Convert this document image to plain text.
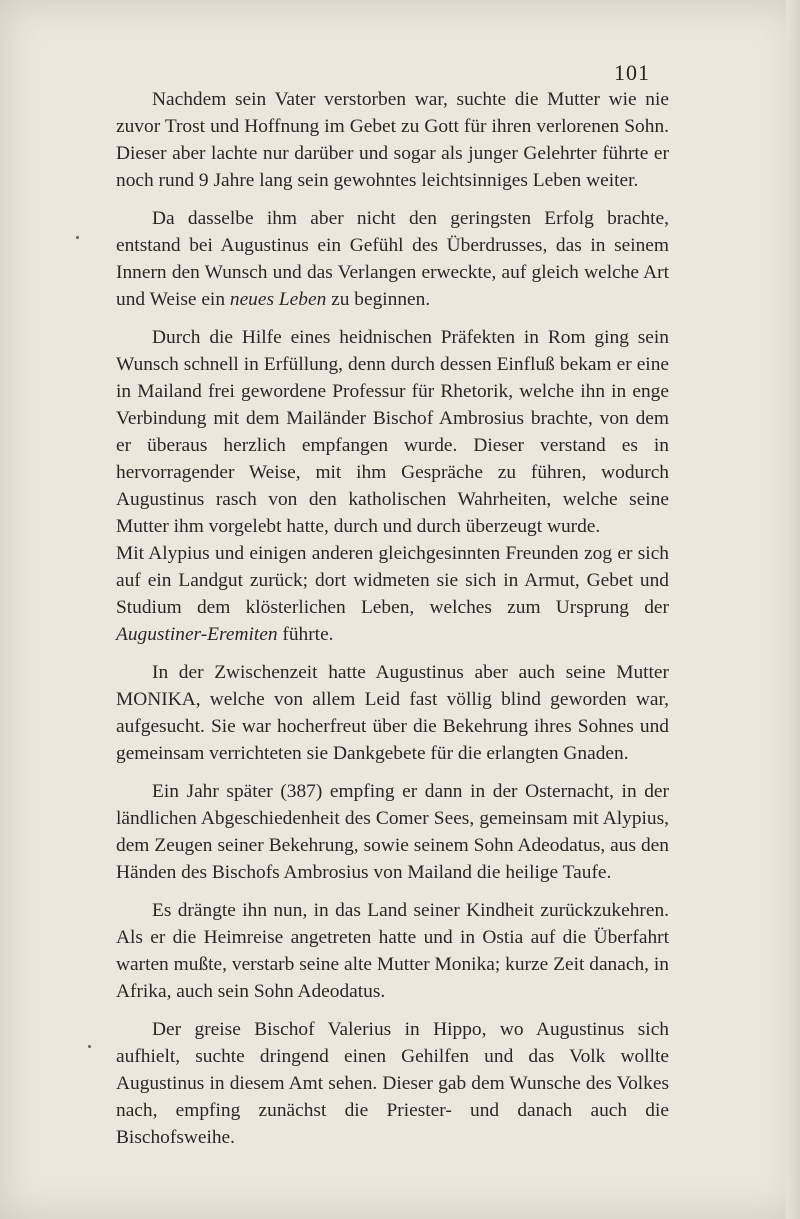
101

Nachdem sein Vater verstorben war, suchte die Mutter wie nie zuvor Trost und Hoffnung im Gebet zu Gott für ihren verlorenen Sohn. Dieser aber lachte nur darüber und sogar als junger Gelehrter führte er noch rund 9 Jahre lang sein gewohntes leichtsinniges Leben weiter.

Da dasselbe ihm aber nicht den geringsten Erfolg brachte, entstand bei Augustinus ein Gefühl des Überdrusses, das in seinem Innern den Wunsch und das Verlangen erweckte, auf gleich welche Art und Weise ein neues Leben zu beginnen.

Durch die Hilfe eines heidnischen Präfekten in Rom ging sein Wunsch schnell in Erfüllung, denn durch dessen Einfluß bekam er eine in Mailand frei gewordene Professur für Rhetorik, welche ihn in enge Verbindung mit dem Mailänder Bischof Ambrosius brachte, von dem er überaus herzlich empfangen wurde. Dieser verstand es in hervorragender Weise, mit ihm Gespräche zu führen, wodurch Augustinus rasch von den katholischen Wahrheiten, welche seine Mutter ihm vorgelebt hatte, durch und durch überzeugt wurde.

Mit Alypius und einigen anderen gleichgesinnten Freunden zog er sich auf ein Landgut zurück; dort widmeten sie sich in Armut, Gebet und Studium dem klösterlichen Leben, welches zum Ursprung der Augustiner-Eremiten führte.

In der Zwischenzeit hatte Augustinus aber auch seine Mutter MONIKA, welche von allem Leid fast völlig blind geworden war, aufgesucht. Sie war hocherfreut über die Bekehrung ihres Sohnes und gemeinsam verrichteten sie Dankgebete für die erlangten Gnaden.

Ein Jahr später (387) empfing er dann in der Osternacht, in der ländlichen Abgeschiedenheit des Comer Sees, gemeinsam mit Alypius, dem Zeugen seiner Bekehrung, sowie seinem Sohn Adeodatus, aus den Händen des Bischofs Ambrosius von Mailand die heilige Taufe.

Es drängte ihn nun, in das Land seiner Kindheit zurückzukehren. Als er die Heimreise angetreten hatte und in Ostia auf die Überfahrt warten mußte, verstarb seine alte Mutter Monika; kurze Zeit danach, in Afrika, auch sein Sohn Adeodatus.

Der greise Bischof Valerius in Hippo, wo Augustinus sich aufhielt, suchte dringend einen Gehilfen und das Volk wollte Augustinus in diesem Amt sehen. Dieser gab dem Wunsche des Volkes nach, empfing zunächst die Priester- und danach auch die Bischofsweihe.
